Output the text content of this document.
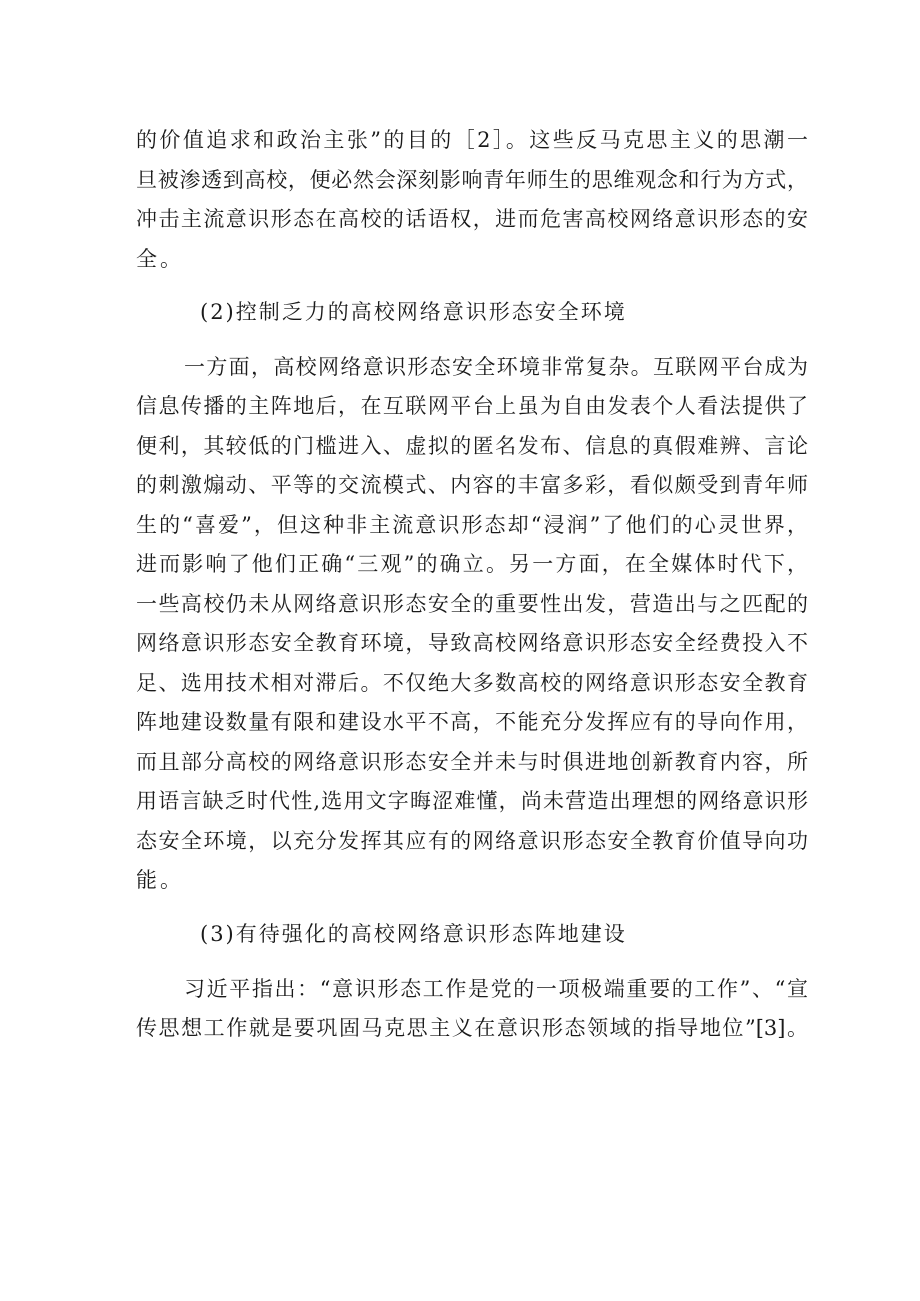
的价值追求和政治主张”的目的［2］。这些反马克思主义的思潮一
旦被渗透到高校，便必然会深刻影响青年师生的思维观念和行为方式，
冲击主流意识形态在高校的话语权，进而危害高校网络意识形态的安
全。
(2)控制乏力的高校网络意识形态安全环境
一方面，高校网络意识形态安全环境非常复杂。互联网平台成为
信息传播的主阵地后，在互联网平台上虽为自由发表个人看法提供了
便利，其较低的门槛进入、虚拟的匿名发布、信息的真假难辨、言论
的刺激煽动、平等的交流模式、内容的丰富多彩，看似颇受到青年师
生的“喜爱”，但这种非主流意识形态却“浸润”了他们的心灵世界，
进而影响了他们正确“三观”的确立。另一方面，在全媒体时代下，
一些高校仍未从网络意识形态安全的重要性出发，营造出与之匹配的
网络意识形态安全教育环境，导致高校网络意识形态安全经费投入不
足、选用技术相对滞后。不仅绝大多数高校的网络意识形态安全教育
阵地建设数量有限和建设水平不高，不能充分发挥应有的导向作用，
而且部分高校的网络意识形态安全并未与时俱进地创新教育内容，所
用语言缺乏时代性,选用文字晦涩难懂，尚未营造出理想的网络意识形
态安全环境，以充分发挥其应有的网络意识形态安全教育价值导向功
能。
(3)有待强化的高校网络意识形态阵地建设
习近平指出：“意识形态工作是党的一项极端重要的工作”、“宣
传思想工作就是要巩固马克思主义在意识形态领域的指导地位”[3]。
